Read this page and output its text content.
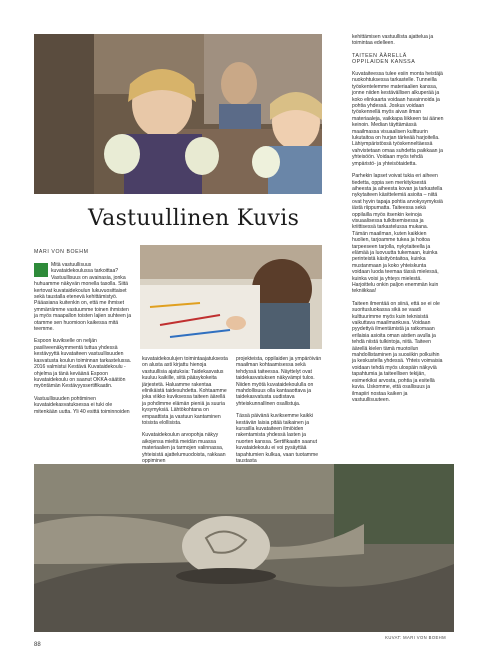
Vastuullinen Kuvis
MARI VON BOEHM

Mitä vastuullisuus kuvataidekoulussa tarkoittaa? Vastuullisuus on avainasia, jonka huhuamme näkyvän monella tasolla. Siitä kertovat kuvataidekoulun lukuvuosittaiset sekä taustalla etenevä kehittämistyö. Pääasiana kuitenkin on, että me ihmiset ymmärrämme vastuumme toinen ihmisten ja myös maapallon toisten lajien suhteen ja otamme sen huomioon kaikessa mitä teemme.

Espoon kuvikselle on neljän pasiliveenäkymmentä tuttua yhdessä kestävyyttä kuvataiteen vastuullisuuden kasvatusta koulun toiminnan tarkastelussa. 2016 valmistui Kestävä Kuvataidekoulu -ohjelma ja tänä keväänä Espoon kuvataidekoulu on saanut OKKA-säätiön myöntämän Kestävyyssertifikaatin.

Vastuullisuuden pohtiminen kuvataidekasvatuksessa ei tuki ole mitenkään uutta. Yli 40 esittä toiminnoiden

kuvataidekoulujen toimintaajatuksesta on alusta asti kirjattu hienoja vastuullisia ajatuksia: Taidekasvatus kuuluu kaikille, siitä pääsykokeita järjestetä. Haluamme rakentaa elinikäistä taidesuhdetta. Kohtaamme joka viikko kuviksessa taiteen äärellä ja pohdimme elämän pieniä ja suuria kysymyksiä. Lähtökohtana on empaattista ja vastuun kantaminen toisista elollisista.

Kuvataidekoulun arvopohja näkyy aikojensa mieltä meidän muassa materiaalien ja tarmojen valinnassa, yhteisistä ajattelumuodoista, rakkaan oppiminen

projekteista, oppilaiden ja ympäröivän maailman kohtaamisessa sekä tehdyssä taiteessa. Näyttelyt ovat taidekasvatuksen näkyvämpi tulos. Niiden myötä kuvataidekoululla on mahdollisuus olla kantaaottava ja taidekasvatusta uudistava yhteiskunnallinen osallistuja.

Tässä päivänä kuviksemme kaikki kestävän laisia pitää taikainen ja kurssilla kuvataiteen ilmiöiden rakentamista yhdessä lasten ja nuorten kanssa. Sertifikaatin saanut kuvataidekoulu ei voi pysäyttää tapahtumien kulkua, vaan tuotamme taustasta

kehittämisen vastuullista ajattelua ja toimintaa edelleen.

TAITEEN ÄÄRELLÄ OPPILAIDEN KANSSA

Kuvataiteessa tulee esiin monta heistäjä nuokohtuksessa tarkastelle. Tunneilla työskentelemme materiaalien kanssa, jonne niiden kestävällisen alkuperää ja koko elinkaarta voidaan havainnoida ja pohtia yhdessä. Joskus voidaan työskennellä myös aivan ilman materiaaleja, vaikkapa liikkeen tai äänen keinoin. Median täyttämässä maailmassa visuaalisen kulttuurin lukutaitoa on hurjan tärkeää harjoitella. Lähiympäristössä työskenneltäessä vahvistetaan omaa suhdetta paikkaan ja yhteisöön. Voidaan myös tehdä ympäristö- ja yhteisötaidetta.

Parhekin lapset voivat tukia eri aiheen tiedetta, oppia sen merkityksestä aiheesta ja aiheesta kovan ja tarkastella nykytaiteen käsittelemiä asioita – niitä ovat hyvin tapaja pohtia arvokysymyksiä iästä riippumatta. Taiteessa sekä oppilailla myös itsenkin keinoja visuaalisessa tulkitsemisessa ja kriittisessä tarkastelussa mukana. Tämän maailman, kuten kaikkien huolien, tarjoamme tukea ja hoitoa tarpeeseen tarjolla, nykytaiteella ja elämää ja luovuutta tukemaan, kuinka perinteistä käsityöntaitoa, kuinka mustanmaan ja koko yhteiskunta voidaan luoda teemaa tässä mielessä, kuinka voisi ja yhteys mielestä. Harjoittelu onkin paljon enemmän kuin tekniikkaa!

Taiteen ilmentää on siinä, että se ei ole suoritusluokassa sikä se vaadi kulttuurimme myös kuin teknisistä vaikuttava maailmankuva. Voidaan pyydettyä ilmentämistä ja ratkomaan erilaisia asioita oman aistien avulla ja tehdä niistä tulkintoja, niitä. Taiteen äärellä kielen tämä muotoilun mahdollistaminen ja suosiikin polkuihin ja keskustella yhdessä. Yhteis voimaisia voidaan tehdä myös ulospäin näkyviä tapahtumia ja taiteellisen tekijän, esimerkiksi arvosta, pohtia ja esitellä kuvia. Uskomme, että osallisuus ja ilmapiiri nostaa kaiken ja vastuullisuuteen.

KUVAT: MARI VON BOEHM
88
